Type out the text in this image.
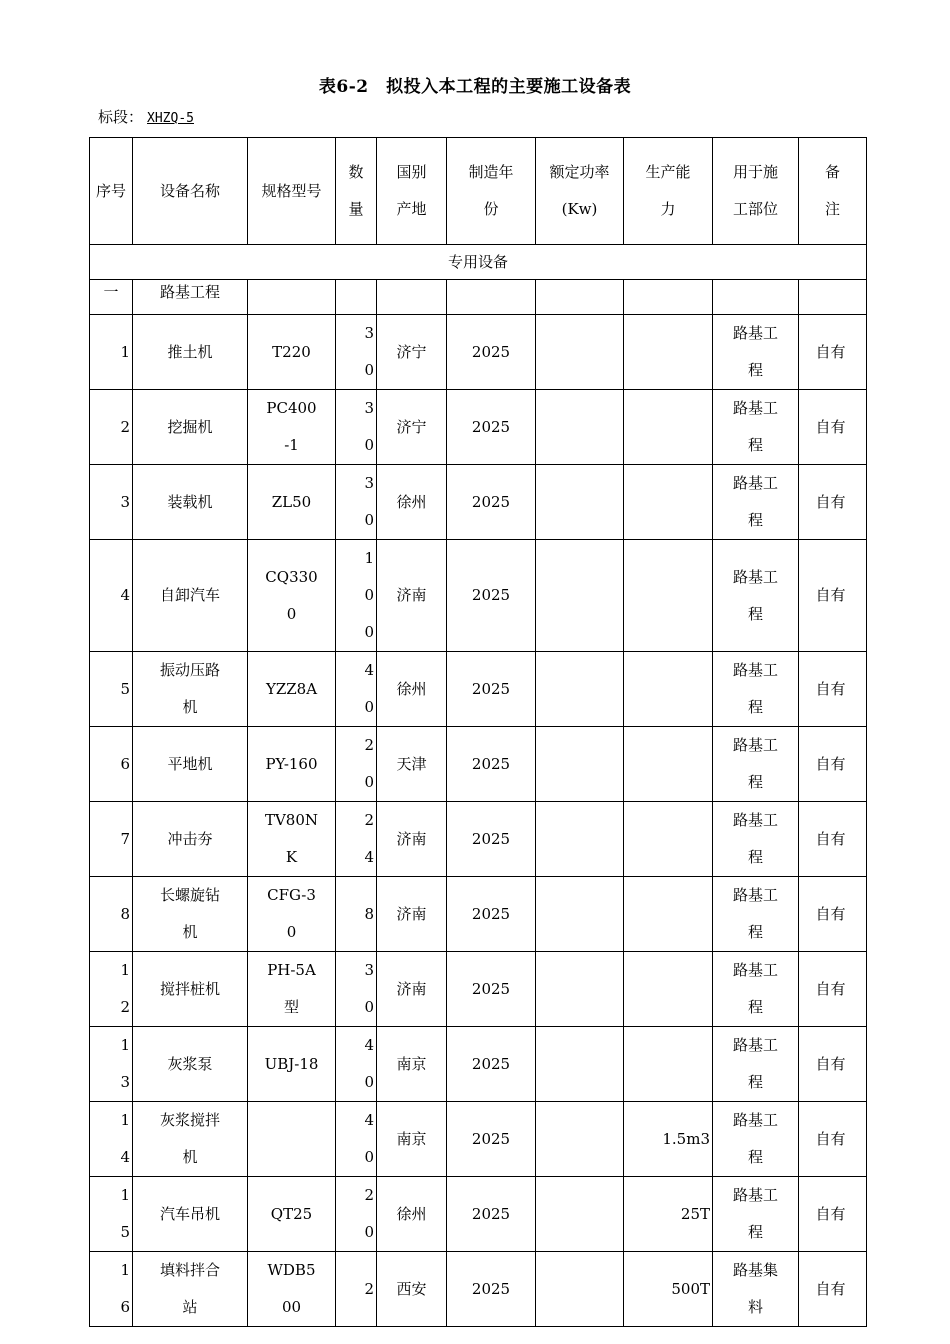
表6-2　拟投入本工程的主要施工设备表
标段： XHZQ-5
序号	设备名称	规格型号	数量	国别产地	制造年份	额定功率(Kw)	生产能力	用于施工部位	备注

专用设备									
一	路基工程								

1	推土机	T220	30	济宁	2025			路基工程	自有

2	挖掘机	PC400-1	30	济宁	2025			路基工程	自有

3	装载机	ZL50	30	徐州	2025			路基工程	自有

4	自卸汽车	CQ3300	100	济南	2025			路基工程	自有

5	振动压路机	YZZ8A	40	徐州	2025			路基工程	自有

6	平地机	PY-160	20	天津	2025			路基工程	自有

7	冲击夯	TV80NK	24	济南	2025			路基工程	自有

8	长螺旋钻机	CFG-30	8	济南	2025			路基工程	自有

12	搅拌桩机	PH-5A型	30	济南	2025			路基工程	自有

13	灰浆泵	UBJ-18	40	南京	2025			路基工程	自有

14	灰浆搅拌机		40	南京	2025		1.5m3	路基工程	自有

15	汽车吊机	QT25	20	徐州	2025		25T	路基工程	自有

16	填料拌合站	WDB500	2	西安	2025		500T	路基集料	自有
